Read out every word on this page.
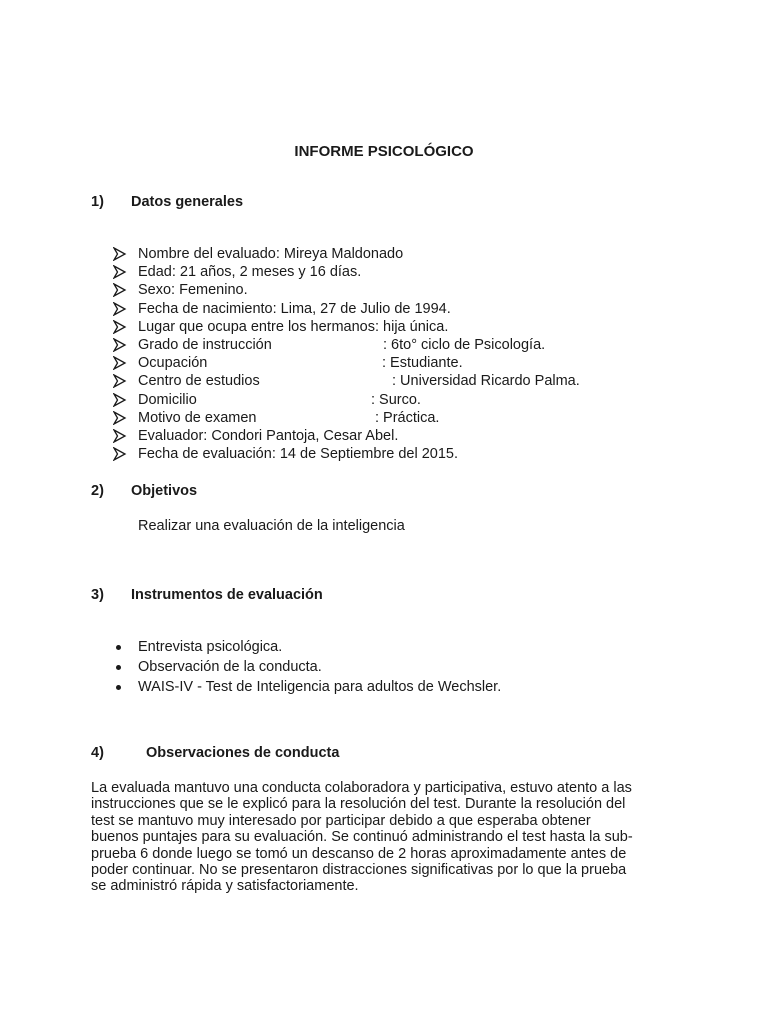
INFORME PSICOLÓGICO
1) Datos generales
Nombre del evaluado: Mireya Maldonado
Edad: 21 años, 2 meses y 16 días.
Sexo: Femenino.
Fecha de nacimiento: Lima, 27 de Julio de 1994.
Lugar que ocupa entre los hermanos: hija única.
Grado de instrucción	: 6to° ciclo de Psicología.
Ocupación	: Estudiante.
Centro de estudios	: Universidad Ricardo Palma.
Domicilio	: Surco.
Motivo de examen	: Práctica.
Evaluador: Condori Pantoja, Cesar Abel.
Fecha de evaluación: 14 de Septiembre del 2015.
2) Objetivos
Realizar una evaluación de la inteligencia
3) Instrumentos de evaluación
Entrevista psicológica.
Observación de la conducta.
WAIS-IV - Test de Inteligencia para adultos de Wechsler.
4)	Observaciones de conducta
La evaluada mantuvo una conducta colaboradora y participativa, estuvo atento a las
instrucciones que se le explicó para la resolución del test. Durante la resolución del
test se mantuvo muy interesado por participar debido a que esperaba obtener
buenos puntajes para su evaluación. Se continuó administrando el test hasta la sub-
prueba 6 donde luego se tomó un descanso de 2 horas aproximadamente antes de
poder continuar. No se presentaron distracciones significativas por lo que la prueba
se administró rápida y satisfactoriamente.
